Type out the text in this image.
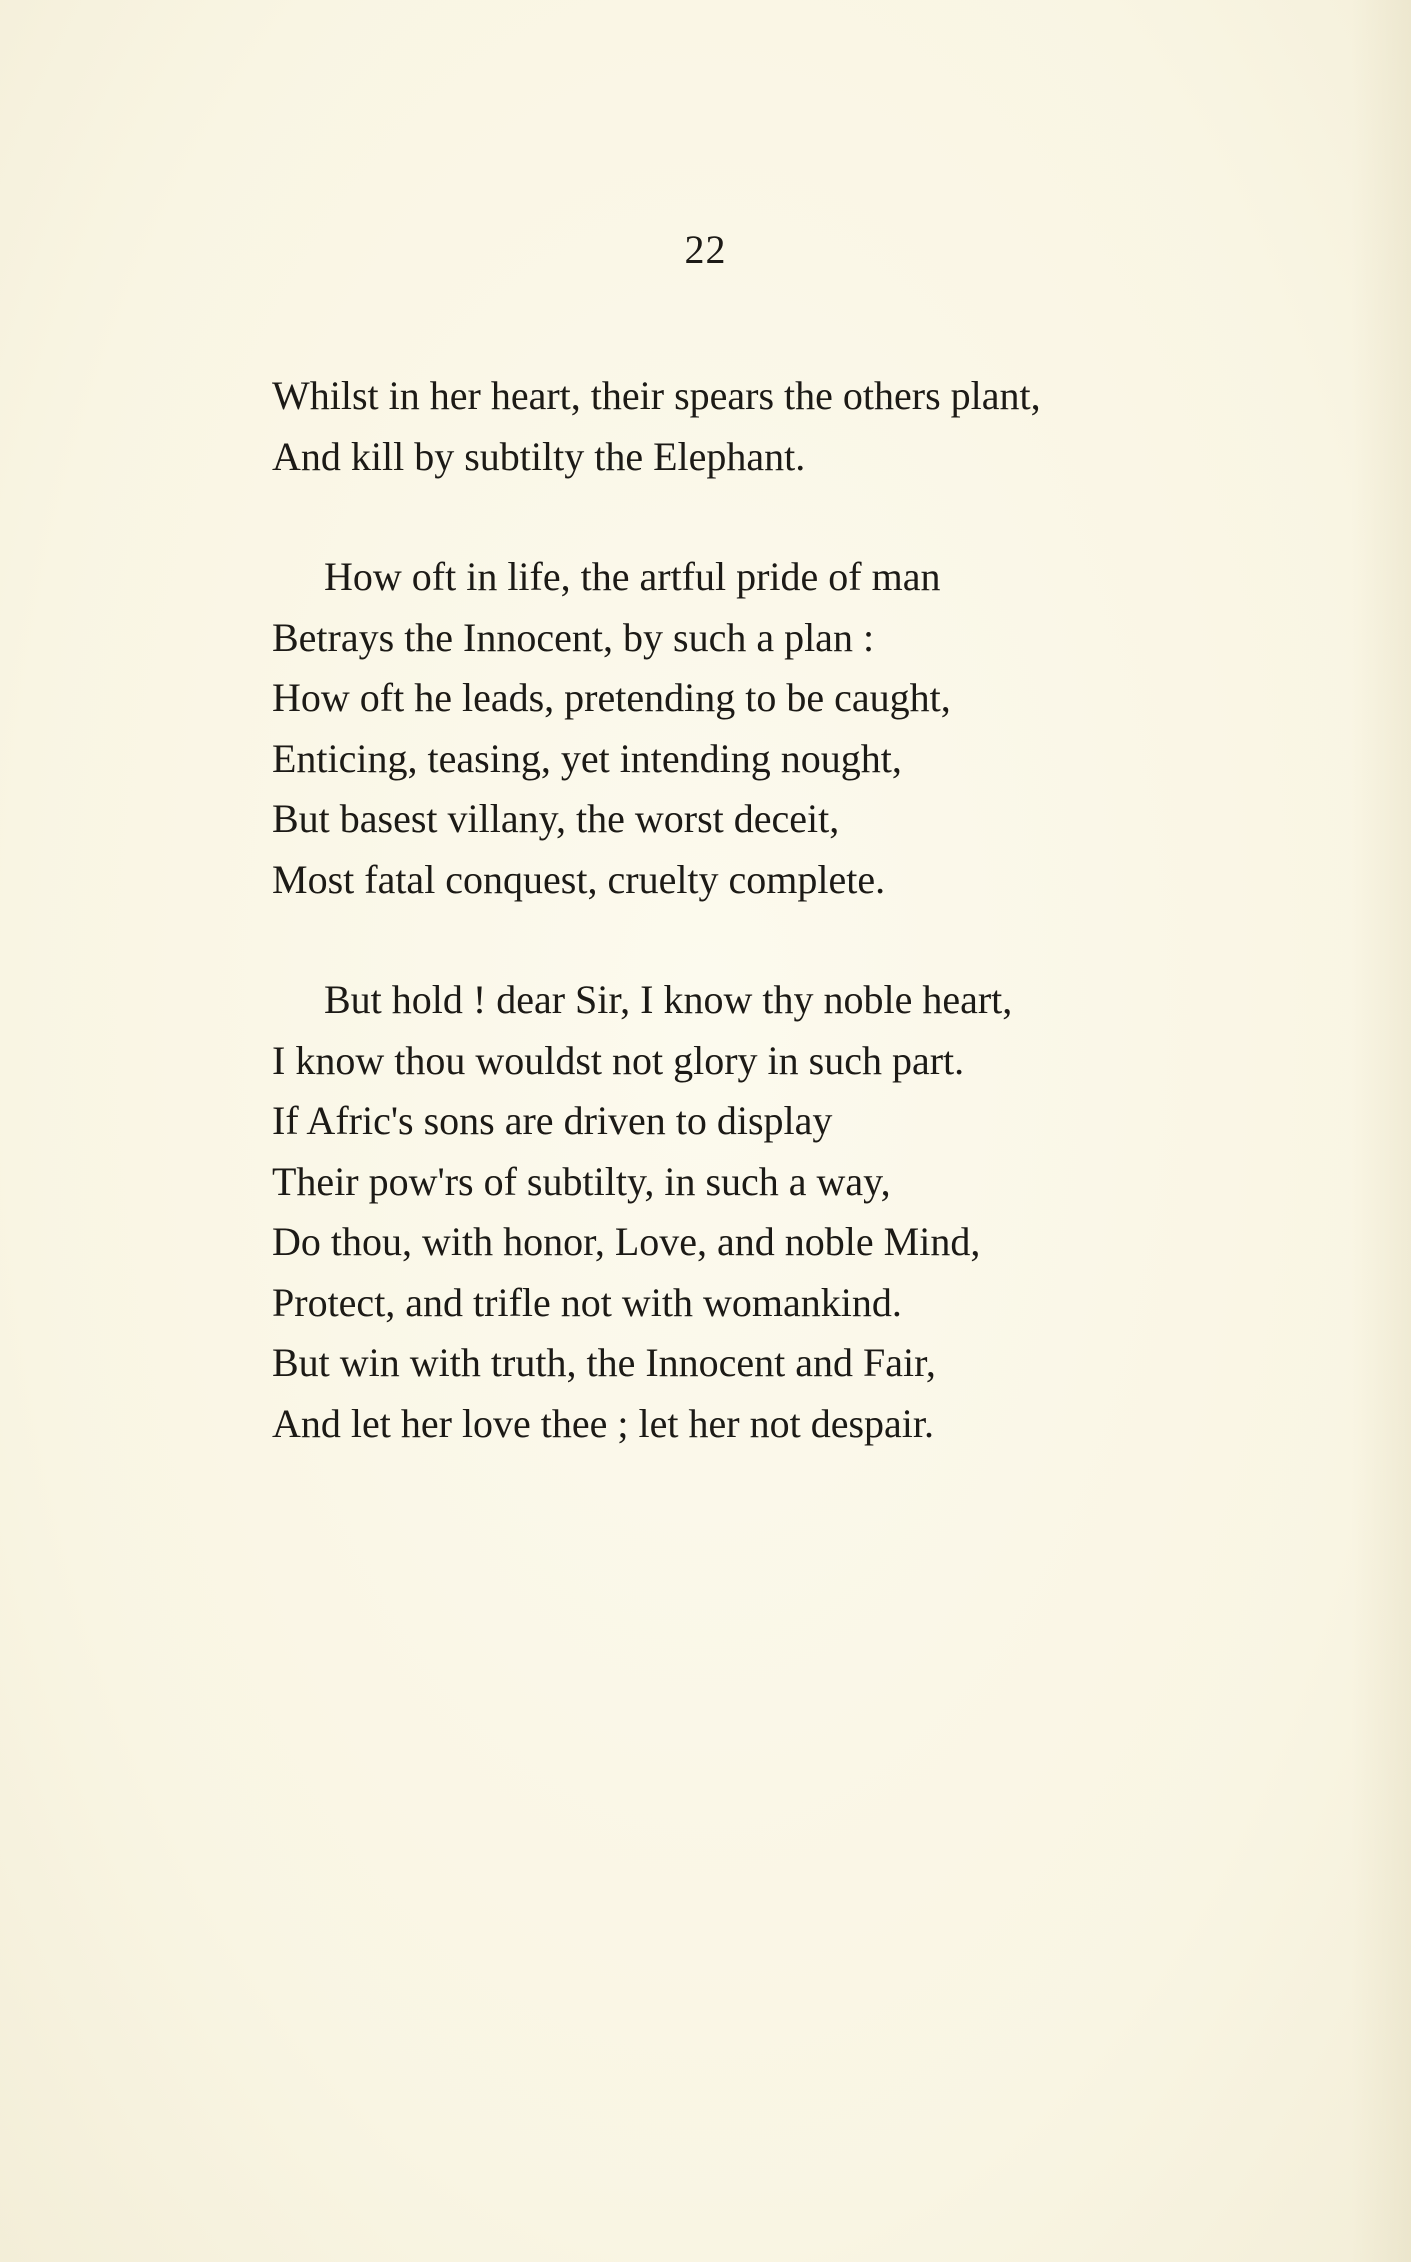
22
Whilst in her heart, their spears the others plant,
And kill by subtilty the Elephant.
How oft in life, the artful pride of man
Betrays the Innocent, by such a plan :
How oft he leads, pretending to be caught,
Enticing, teasing, yet intending nought,
But basest villany, the worst deceit,
Most fatal conquest, cruelty complete.
But hold ! dear Sir, I know thy noble heart,
I know thou wouldst not glory in such part.
If Afric's sons are driven to display
Their pow'rs of subtilty, in such a way,
Do thou, with honor, Love, and noble Mind,
Protect, and trifle not with womankind.
But win with truth, the Innocent and Fair,
And let her love thee ; let her not despair.
